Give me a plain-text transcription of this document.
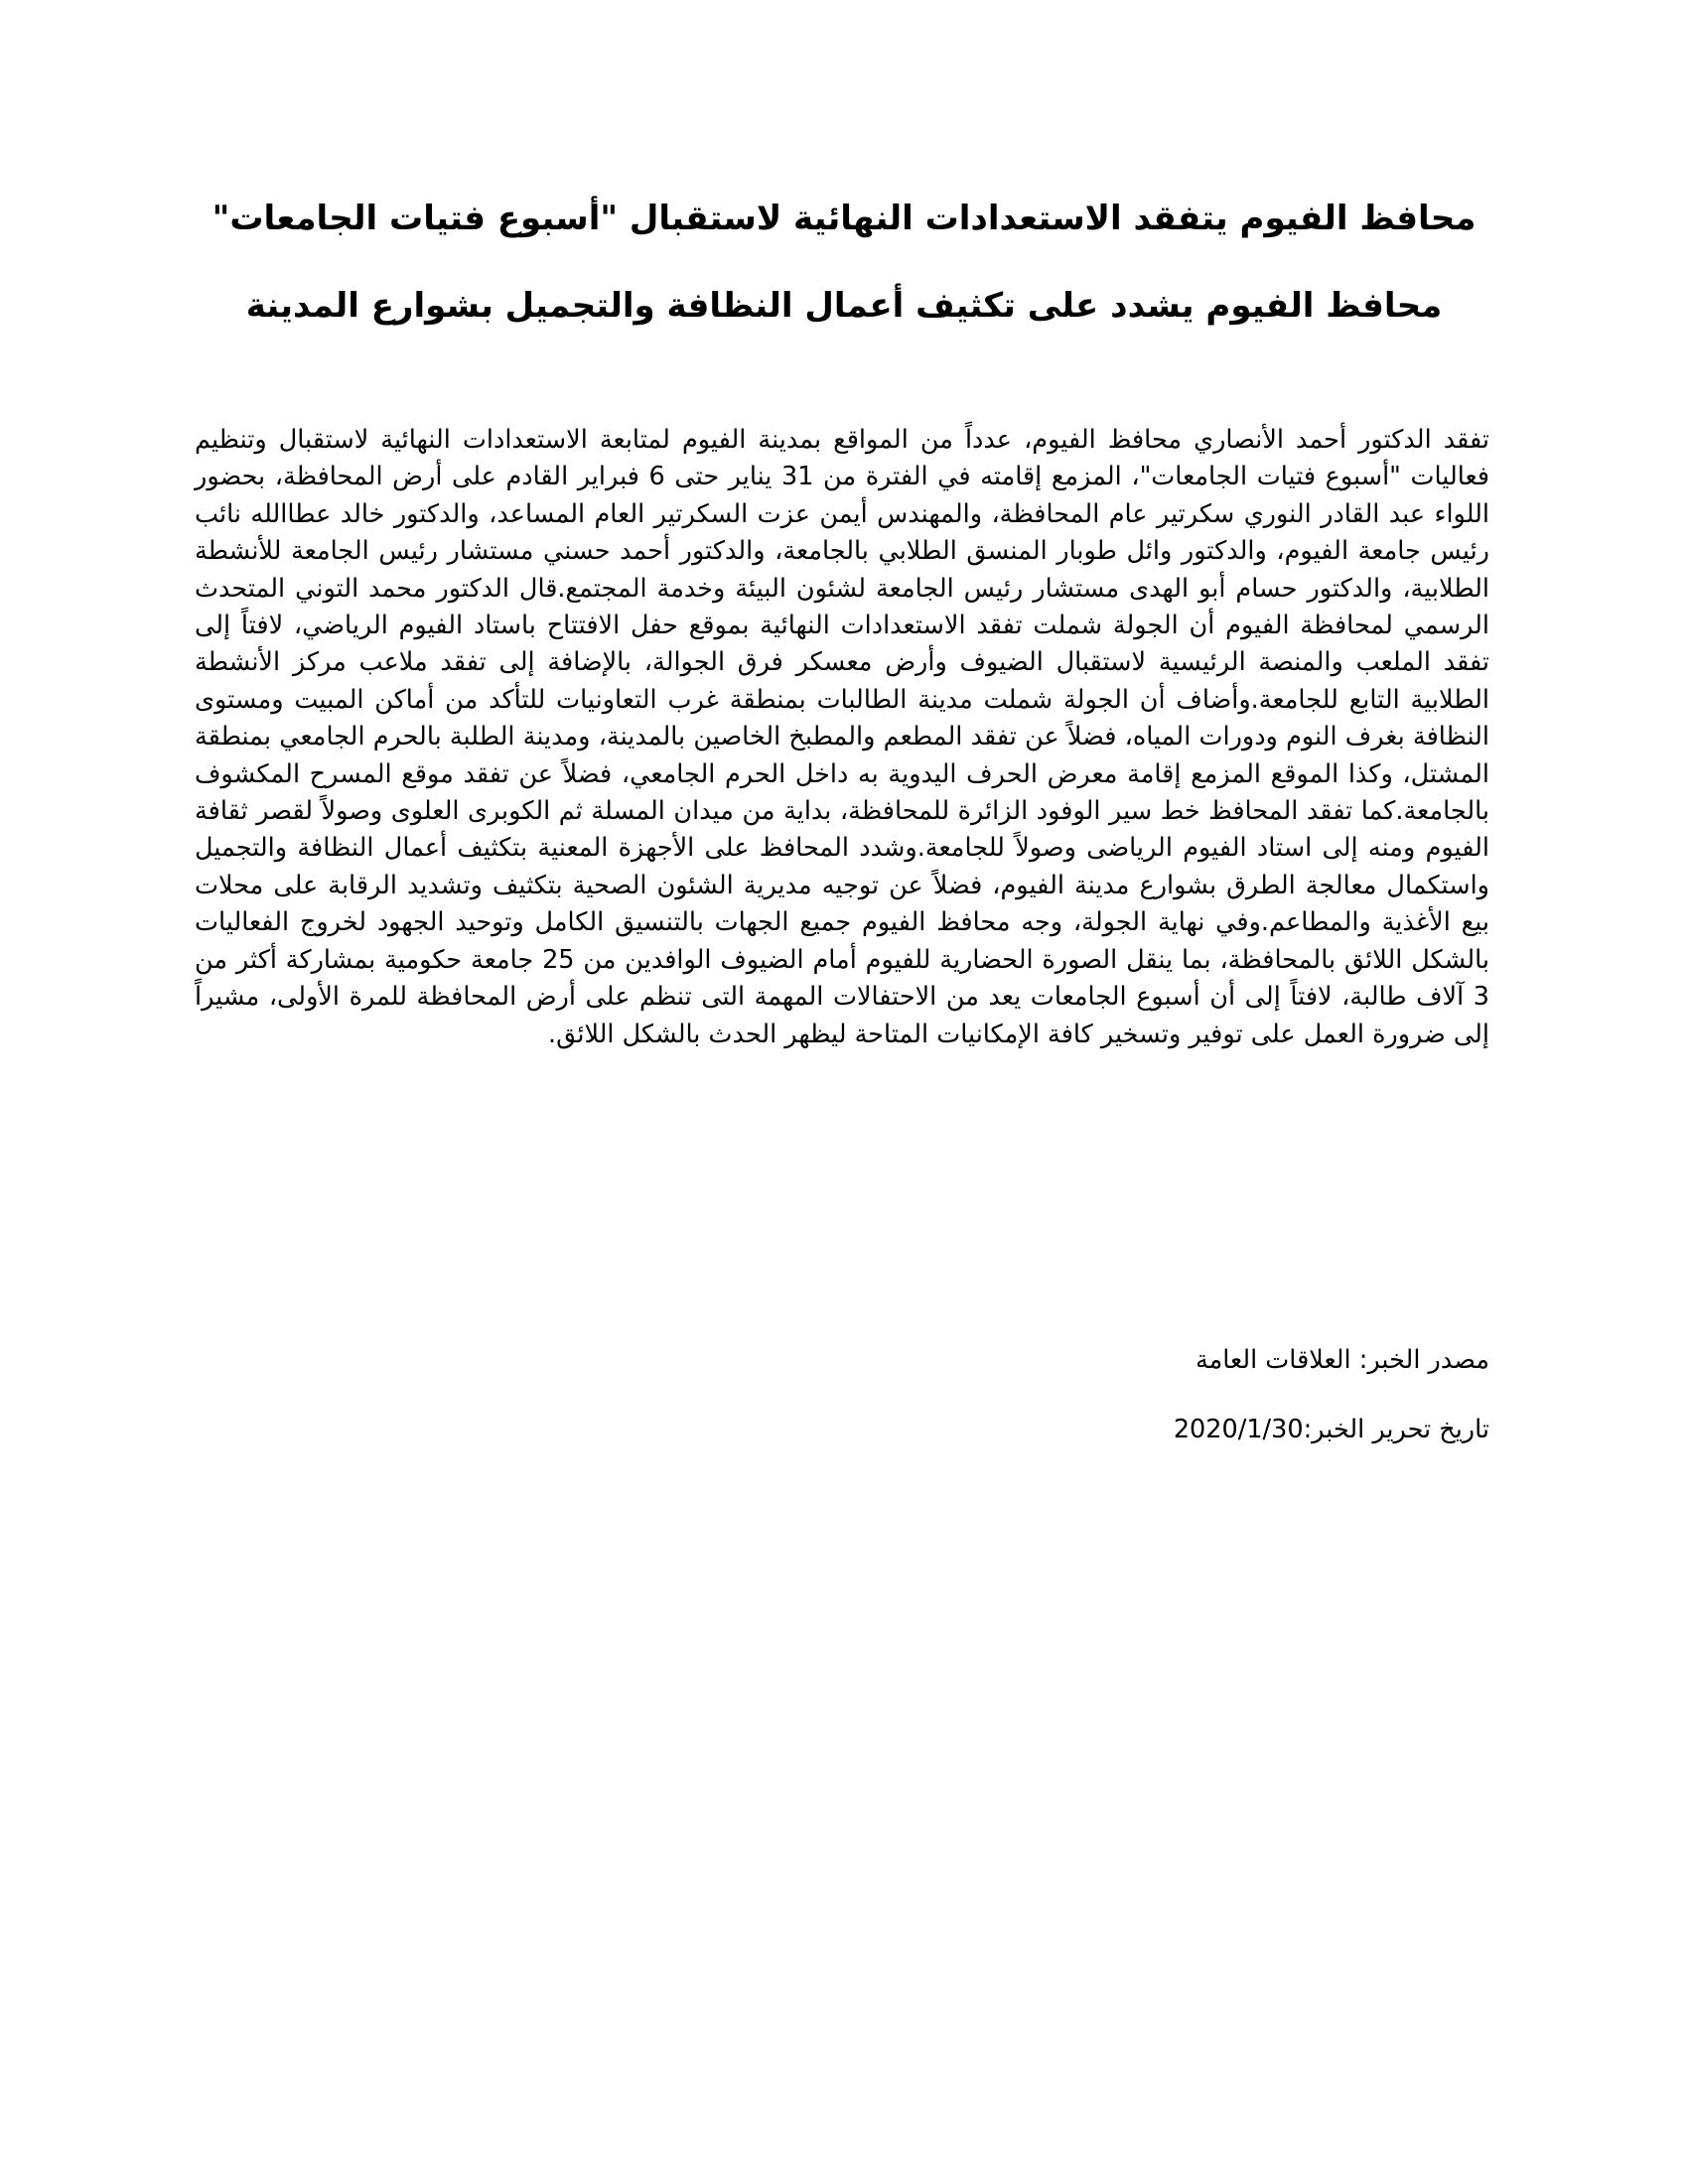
محافظ الفيوم يتفقد الاستعدادات النهائية لاستقبال "أسبوع فتيات الجامعات"
محافظ الفيوم يشدد على تكثيف أعمال النظافة والتجميل بشوارع المدينة

تفقد الدكتور أحمد الأنصاري محافظ الفيوم، عدداً من المواقع بمدينة الفيوم لمتابعة الاستعدادات النهائية لاستقبال وتنظيم فعاليات "أسبوع فتيات الجامعات"، المزمع إقامته في الفترة من 31 يناير حتى 6 فبراير القادم على أرض المحافظة، بحضور اللواء عبد القادر النوري سكرتير عام المحافظة، والمهندس أيمن عزت السكرتير العام المساعد، والدكتور خالد عطاالله نائب رئيس جامعة الفيوم، والدكتور وائل طوبار المنسق الطلابي بالجامعة، والدكتور أحمد حسني مستشار رئيس الجامعة للأنشطة الطلابية، والدكتور حسام أبو الهدى مستشار رئيس الجامعة لشئون البيئة وخدمة المجتمع.قال الدكتور محمد التوني المتحدث الرسمي لمحافظة الفيوم أن الجولة شملت تفقد الاستعدادات النهائية بموقع حفل الافتتاح باستاد الفيوم الرياضي، لافتاً إلى تفقد الملعب والمنصة الرئيسية لاستقبال الضيوف وأرض معسكر فرق الجوالة، بالإضافة إلى تفقد ملاعب مركز الأنشطة الطلابية التابع للجامعة.وأضاف أن الجولة شملت مدينة الطالبات بمنطقة غرب التعاونيات للتأكد من أماكن المبيت ومستوى النظافة بغرف النوم ودورات المياه، فضلاً عن تفقد المطعم والمطبخ الخاصين بالمدينة، ومدينة الطلبة بالحرم الجامعي بمنطقة المشتل، وكذا الموقع المزمع إقامة معرض الحرف اليدوية به داخل الحرم الجامعي، فضلاً عن تفقد موقع المسرح المكشوف بالجامعة.كما تفقد المحافظ خط سير الوفود الزائرة للمحافظة، بداية من ميدان المسلة ثم الكوبرى العلوى وصولاً لقصر ثقافة الفيوم ومنه إلى استاد الفيوم الرياضى وصولاً للجامعة.وشدد المحافظ على الأجهزة المعنية بتكثيف أعمال النظافة والتجميل واستكمال معالجة الطرق بشوارع مدينة الفيوم، فضلاً عن توجيه مديرية الشئون الصحية بتكثيف وتشديد الرقابة على محلات بيع الأغذية والمطاعم.وفي نهاية الجولة، وجه محافظ الفيوم جميع الجهات بالتنسيق الكامل وتوحيد الجهود لخروج الفعاليات بالشكل اللائق بالمحافظة، بما ينقل الصورة الحضارية للفيوم أمام الضيوف الوافدين من 25 جامعة حكومية بمشاركة أكثر من 3 آلاف طالبة، لافتاً إلى أن أسبوع الجامعات يعد من الاحتفالات المهمة التى تنظم على أرض المحافظة للمرة الأولى، مشيراً إلى ضرورة العمل على توفير وتسخير كافة الإمكانيات المتاحة ليظهر الحدث بالشكل اللائق.

مصدر الخبر: العلاقات العامة
تاريخ تحرير الخبر:2020/1/30
